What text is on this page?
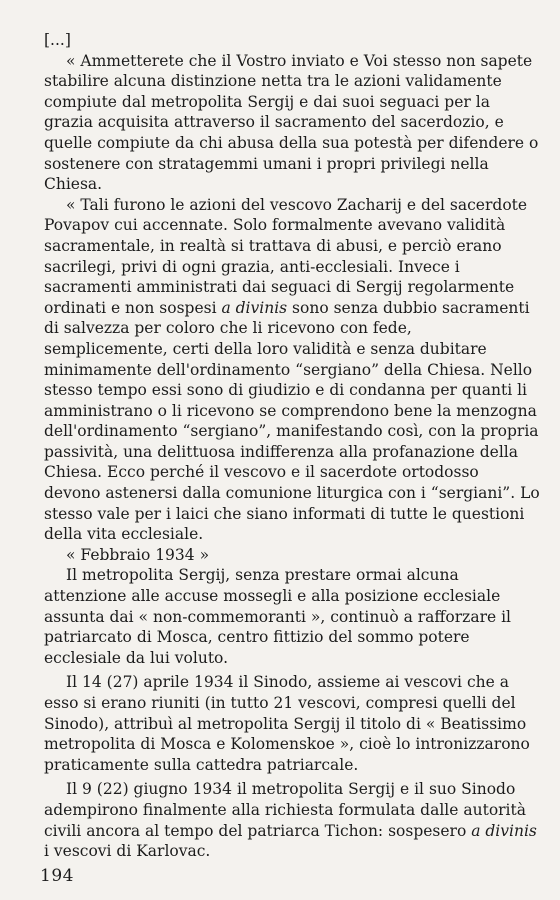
[...]

« Ammetterete che il Vostro inviato e Voi stesso non sapete stabilire alcuna distinzione netta tra le azioni validamente compiute dal metropolita Sergij e dai suoi seguaci per la grazia acquisita attraverso il sacramento del sacerdozio, e quelle compiute da chi abusa della sua potestà per difendere o sostenere con stratagemmi umani i propri privilegi nella Chiesa.

« Tali furono le azioni del vescovo Zacharij e del sacerdote Povapov cui accennate. Solo formalmente avevano validità sacramentale, in realtà si trattava di abusi, e perciò erano sacrilegi, privi di ogni grazia, anti-ecclesiali. Invece i sacramenti amministrati dai seguaci di Sergij regolarmente ordinati e non sospesi a divinis sono senza dubbio sacramenti di salvezza per coloro che li ricevono con fede, semplicemente, certi della loro validità e senza dubitare minimamente dell'ordinamento “sergiano” della Chiesa. Nello stesso tempo essi sono di giudizio e di condanna per quanti li amministrano o li ricevono se comprendono bene la menzogna dell'ordinamento “sergiano”, manifestando così, con la propria passività, una delittuosa indifferenza alla profanazione della Chiesa. Ecco perché il vescovo e il sacerdote ortodosso devono astenersi dalla comunione liturgica con i “sergiani”. Lo stesso vale per i laici che siano informati di tutte le questioni della vita ecclesiale.

« Febbraio 1934 »

Il metropolita Sergij, senza prestare ormai alcuna attenzione alle accuse mossegli e alla posizione ecclesiale assunta dai « non-commemoranti », continuò a rafforzare il patriarcato di Mosca, centro fittizio del sommo potere ecclesiale da lui voluto.

Il 14 (27) aprile 1934 il Sinodo, assieme ai vescovi che a esso si erano riuniti (in tutto 21 vescovi, compresi quelli del Sinodo), attribuì al metropolita Sergij il titolo di « Beatissimo metropolita di Mosca e Kolomenskoe », cioè lo intronizzarono praticamente sulla cattedra patriarcale.

Il 9 (22) giugno 1934 il metropolita Sergij e il suo Sinodo adempirono finalmente alla richiesta formulata dalle autorità civili ancora al tempo del patriarca Tichon: sospesero a divinis i vescovi di Karlovac.

194
